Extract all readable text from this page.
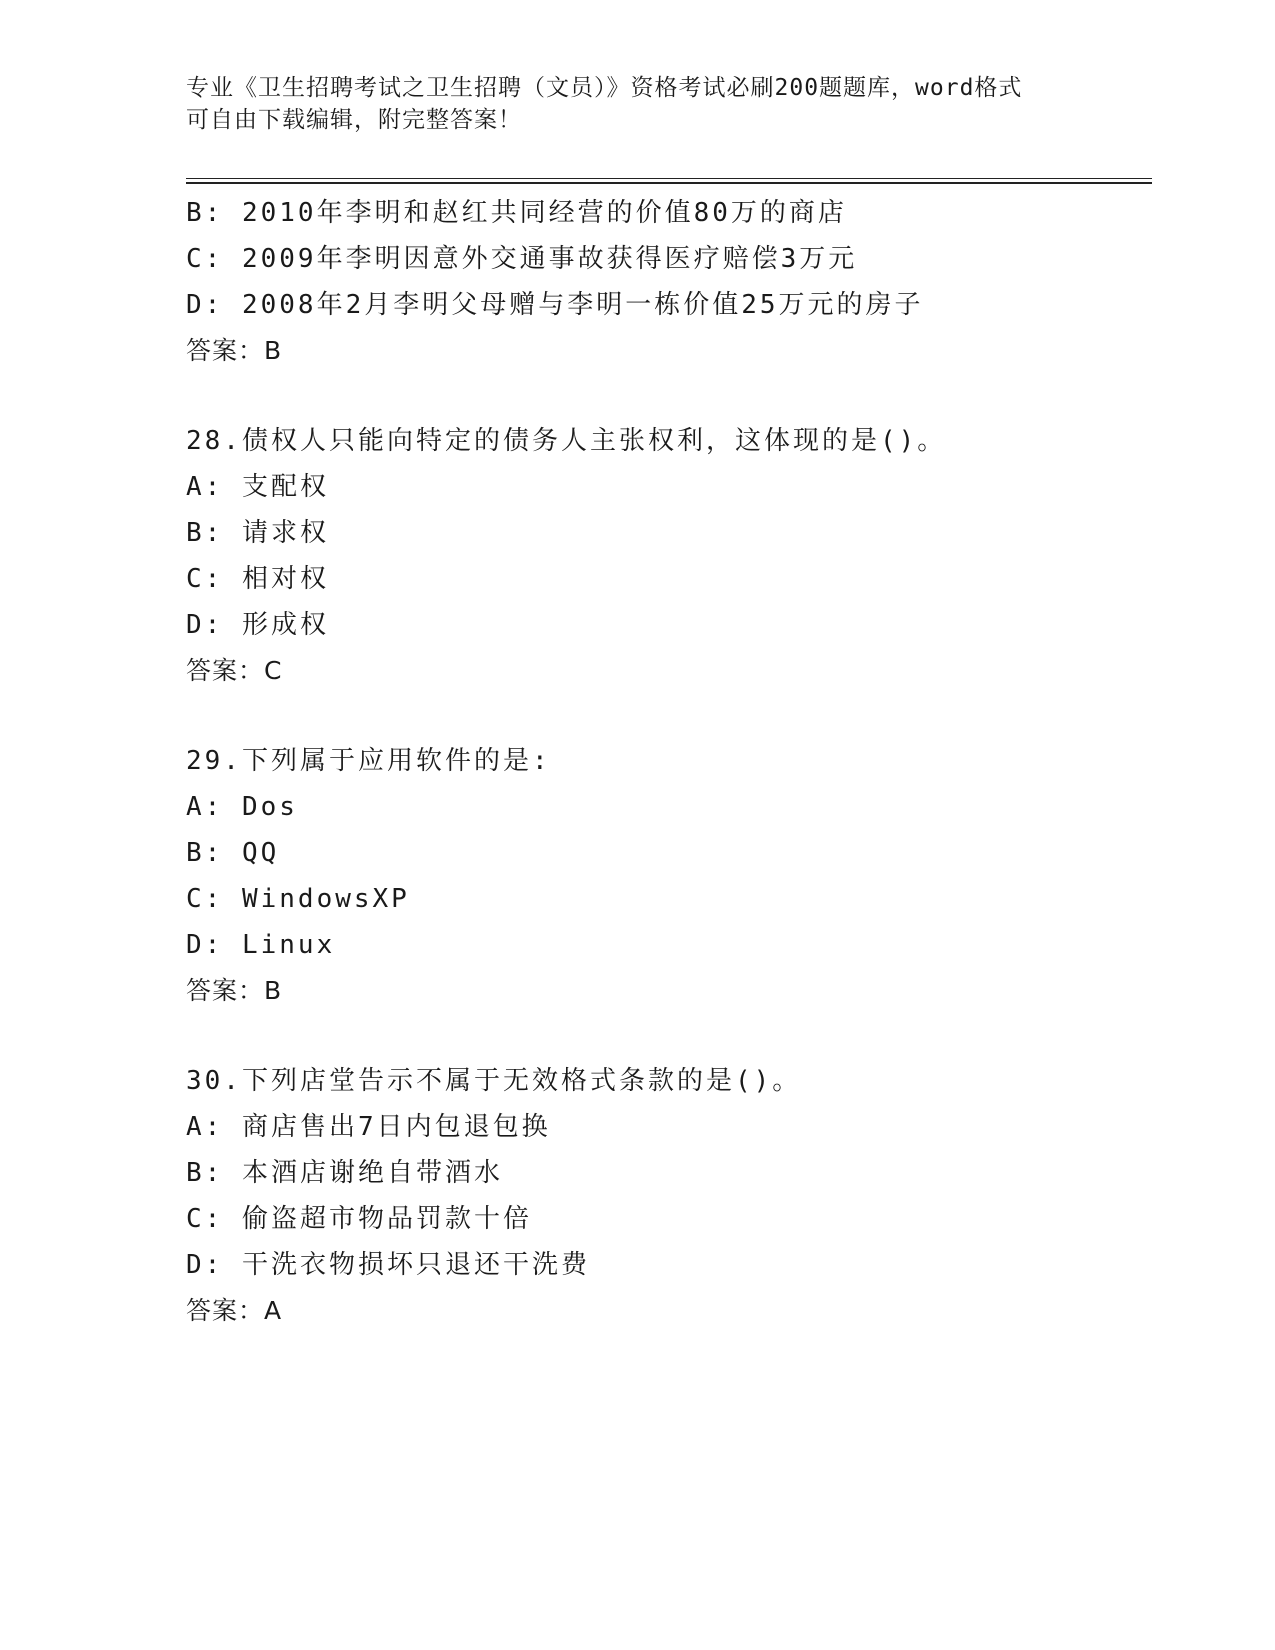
专业《卫生招聘考试之卫生招聘（文员）》资格考试必刷200题题库，word格式
可自由下载编辑，附完整答案！
B: 2010年李明和赵红共同经营的价值80万的商店
C: 2009年李明因意外交通事故获得医疗赔偿3万元
D: 2008年2月李明父母赠与李明一栋价值25万元的房子
答案：B
28.债权人只能向特定的债务人主张权利，这体现的是()。
A: 支配权
B: 请求权
C: 相对权
D: 形成权
答案：C
29.下列属于应用软件的是:
A: Dos
B: QQ
C: WindowsXP
D: Linux
答案：B
30.下列店堂告示不属于无效格式条款的是()。
A: 商店售出7日内包退包换
B: 本酒店谢绝自带酒水
C: 偷盗超市物品罚款十倍
D: 干洗衣物损坏只退还干洗费
答案：A
